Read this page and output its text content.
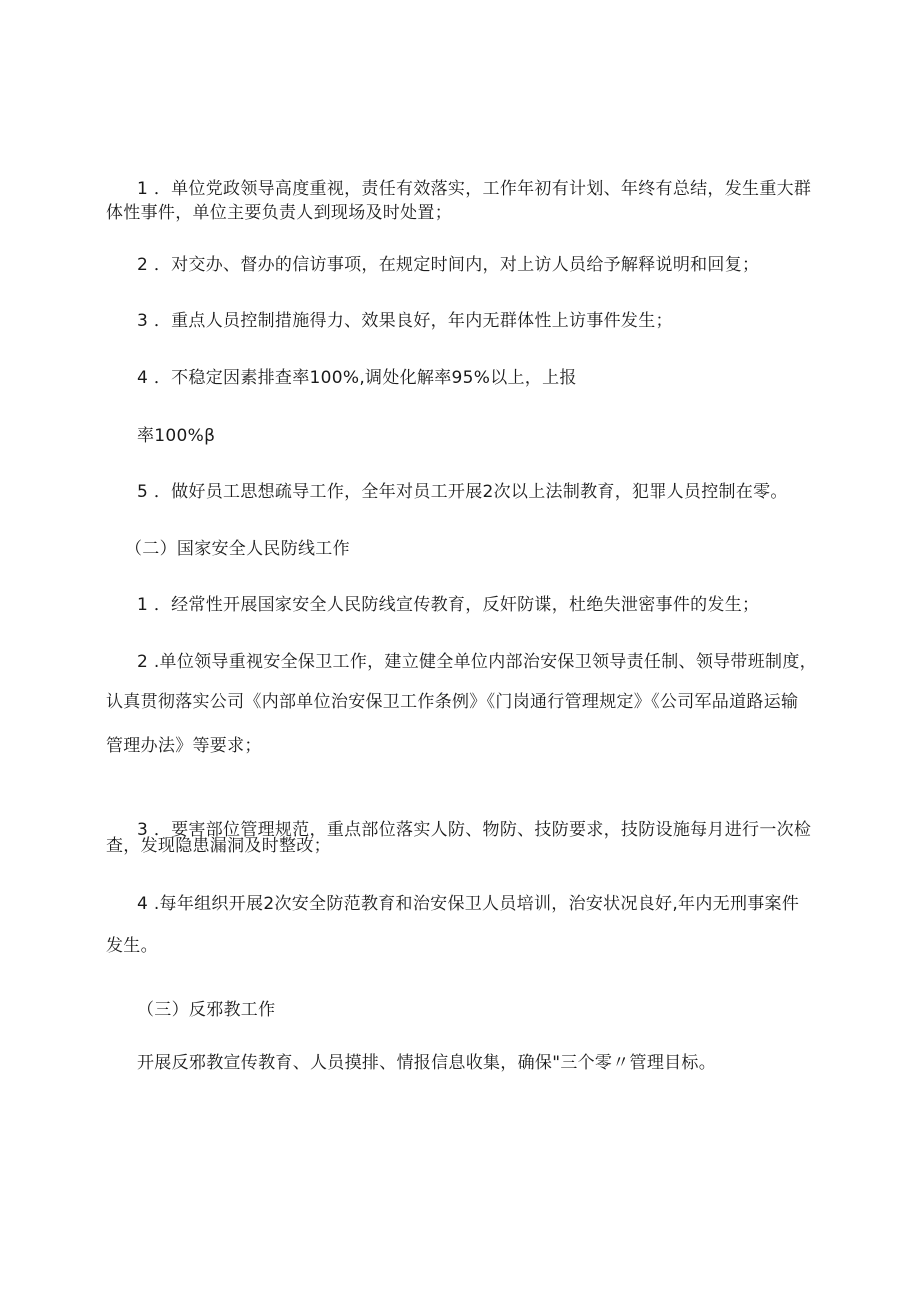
1 ．单位党政领导高度重视，责任有效落实，工作年初有计划、年终有总结，发生重大群
体性事件，单位主要负责人到现场及时处置；
2 ．对交办、督办的信访事项，在规定时间内，对上访人员给予解释说明和回复；
3 ．重点人员控制措施得力、效果良好，年内无群体性上访事件发生；
4 ．不稳定因素排查率100%,调处化解率95%以上，上报
率100%β
5 ．做好员工思想疏导工作，全年对员工开展2次以上法制教育，犯罪人员控制在零。
（二）国家安全人民防线工作
1 ．经常性开展国家安全人民防线宣传教育，反奸防谍，杜绝失泄密事件的发生；
2 .单位领导重视安全保卫工作，建立健全单位内部治安保卫领导责任制、领导带班制度，
认真贯彻落实公司《内部单位治安保卫工作条例》《门岗通行管理规定》《公司军品道路运输
管理办法》等要求；
3 ．要害部位管理规范，重点部位落实人防、物防、技防要求，技防设施每月进行一次检
查，发现隐患漏洞及时整改；
4 .每年组织开展2次安全防范教育和治安保卫人员培训，治安状况良好,年内无刑事案件
发生。
（三）反邪教工作
开展反邪教宣传教育、人员摸排、情报信息收集，确保"三个零〃管理目标。
